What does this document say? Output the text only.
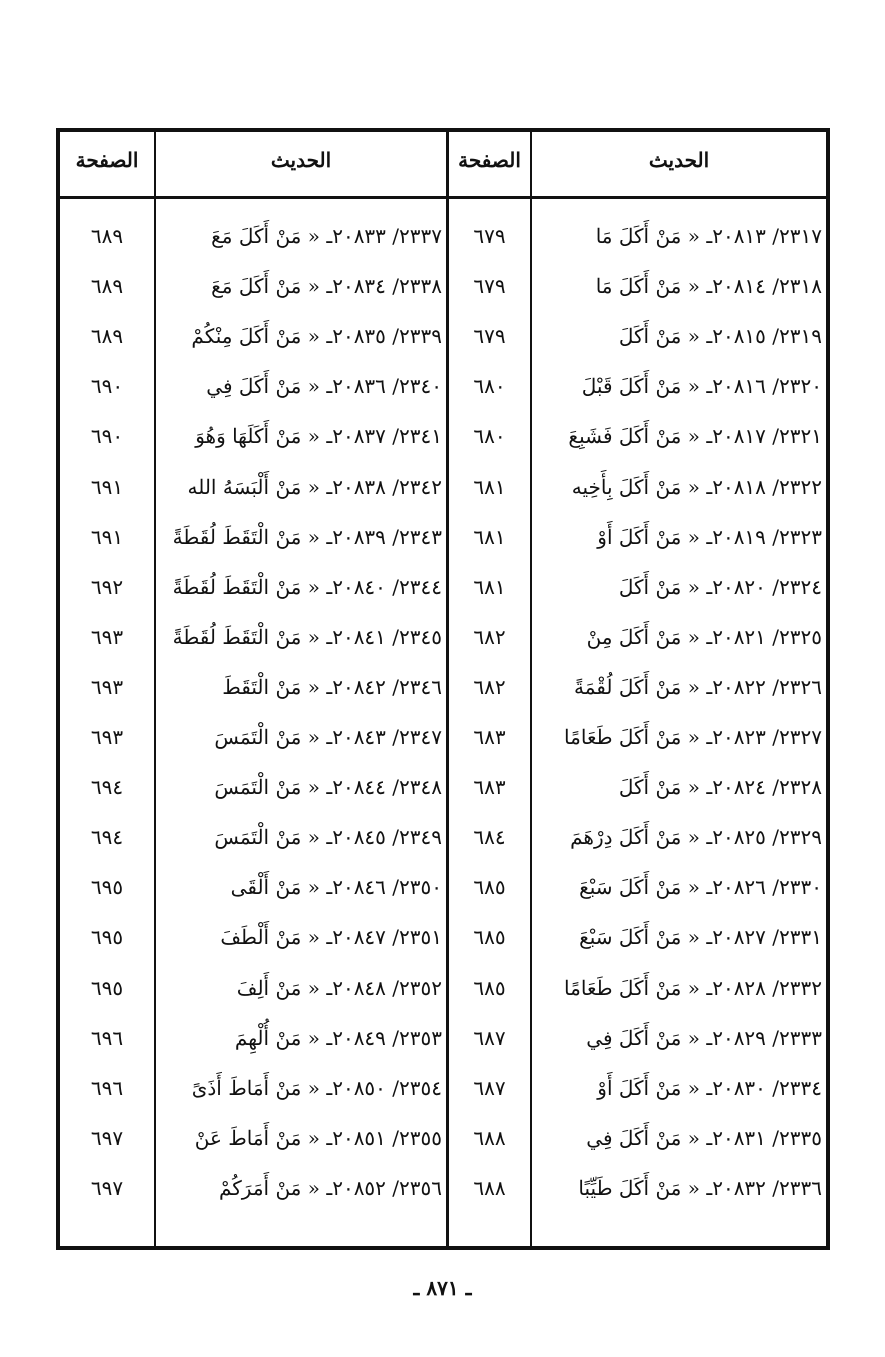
الصفحة	الحديث	الصفحة	الحديث
٦٨٩	٢٣٣٧/ ٢٠٨٣٣ـ « مَنْ أَكَلَ مَعَ	٦٧٩	٢٣١٧/ ٢٠٨١٣ـ « مَنْ أَكَلَ مَا
٦٨٩	٢٣٣٨/ ٢٠٨٣٤ـ « مَنْ أَكَلَ مَعَ	٦٧٩	٢٣١٨/ ٢٠٨١٤ـ « مَنْ أَكَلَ مَا
٦٨٩	٢٣٣٩/ ٢٠٨٣٥ـ « مَنْ أَكَلَ مِنْكُمْ	٦٧٩	٢٣١٩/ ٢٠٨١٥ـ « مَنْ أَكَلَ
٦٩٠	٢٣٤٠/ ٢٠٨٣٦ـ « مَنْ أَكَلَ فِي	٦٨٠	٢٣٢٠/ ٢٠٨١٦ـ « مَنْ أَكَلَ قَبْلَ
٦٩٠	٢٣٤١/ ٢٠٨٣٧ـ « مَنْ أَكَلَهَا وَهُوَ	٦٨٠	٢٣٢١/ ٢٠٨١٧ـ « مَنْ أَكَلَ فَشَبِعَ
٦٩١	٢٣٤٢/ ٢٠٨٣٨ـ « مَنْ أَلْبَسَهُ الله	٦٨١	٢٣٢٢/ ٢٠٨١٨ـ « مَنْ أَكَلَ بِأَخِيه
٦٩١	٢٣٤٣/ ٢٠٨٣٩ـ « مَنْ الْتَقَطَ لُقَطَةً	٦٨١	٢٣٢٣/ ٢٠٨١٩ـ « مَنْ أَكَلَ أَوْ
٦٩٢	٢٣٤٤/ ٢٠٨٤٠ـ « مَنْ الْتَقَطَ لُقَطَةً	٦٨١	٢٣٢٤/ ٢٠٨٢٠ـ « مَنْ أَكَلَ
٦٩٣	٢٣٤٥/ ٢٠٨٤١ـ « مَنْ الْتَقَطَ لُقَطَةً	٦٨٢	٢٣٢٥/ ٢٠٨٢١ـ « مَنْ أَكَلَ مِنْ
٦٩٣	٢٣٤٦/ ٢٠٨٤٢ـ « مَنْ الْتَقَطَ	٦٨٢	٢٣٢٦/ ٢٠٨٢٢ـ « مَنْ أَكَلَ لُقْمَةً
٦٩٣	٢٣٤٧/ ٢٠٨٤٣ـ « مَنْ الْتَمَسَ	٦٨٣	٢٣٢٧/ ٢٠٨٢٣ـ « مَنْ أَكَلَ طَعَامًا
٦٩٤	٢٣٤٨/ ٢٠٨٤٤ـ « مَنْ الْتَمَسَ	٦٨٣	٢٣٢٨/ ٢٠٨٢٤ـ « مَنْ أَكَلَ
٦٩٤	٢٣٤٩/ ٢٠٨٤٥ـ « مَنْ الْتَمَسَ	٦٨٤	٢٣٢٩/ ٢٠٨٢٥ـ « مَنْ أَكَلَ دِرْهَمَ
٦٩٥	٢٣٥٠/ ٢٠٨٤٦ـ « مَنْ أَلْقَى	٦٨٥	٢٣٣٠/ ٢٠٨٢٦ـ « مَنْ أَكَلَ سَبْعَ
٦٩٥	٢٣٥١/ ٢٠٨٤٧ـ « مَنْ أَلْطَفَ	٦٨٥	٢٣٣١/ ٢٠٨٢٧ـ « مَنْ أَكَلَ سَبْعَ
٦٩٥	٢٣٥٢/ ٢٠٨٤٨ـ « مَنْ أَلِفَ	٦٨٥	٢٣٣٢/ ٢٠٨٢٨ـ « مَنْ أَكَلَ طَعَامًا
٦٩٦	٢٣٥٣/ ٢٠٨٤٩ـ « مَنْ أُلْهِمَ	٦٨٧	٢٣٣٣/ ٢٠٨٢٩ـ « مَنْ أَكَلَ فِي
٦٩٦	٢٣٥٤/ ٢٠٨٥٠ـ « مَنْ أَمَاطَ أَذَىً	٦٨٧	٢٣٣٤/ ٢٠٨٣٠ـ « مَنْ أَكَلَ أَوْ
٦٩٧	٢٣٥٥/ ٢٠٨٥١ـ « مَنْ أَمَاطَ عَنْ	٦٨٨	٢٣٣٥/ ٢٠٨٣١ـ « مَنْ أَكَلَ فِي
٦٩٧	٢٣٥٦/ ٢٠٨٥٢ـ « مَنْ أَمَرَكُمْ	٦٨٨	٢٣٣٦/ ٢٠٨٣٢ـ « مَنْ أَكَلَ طَيِّبًا
ـ ٨٧١ ـ
